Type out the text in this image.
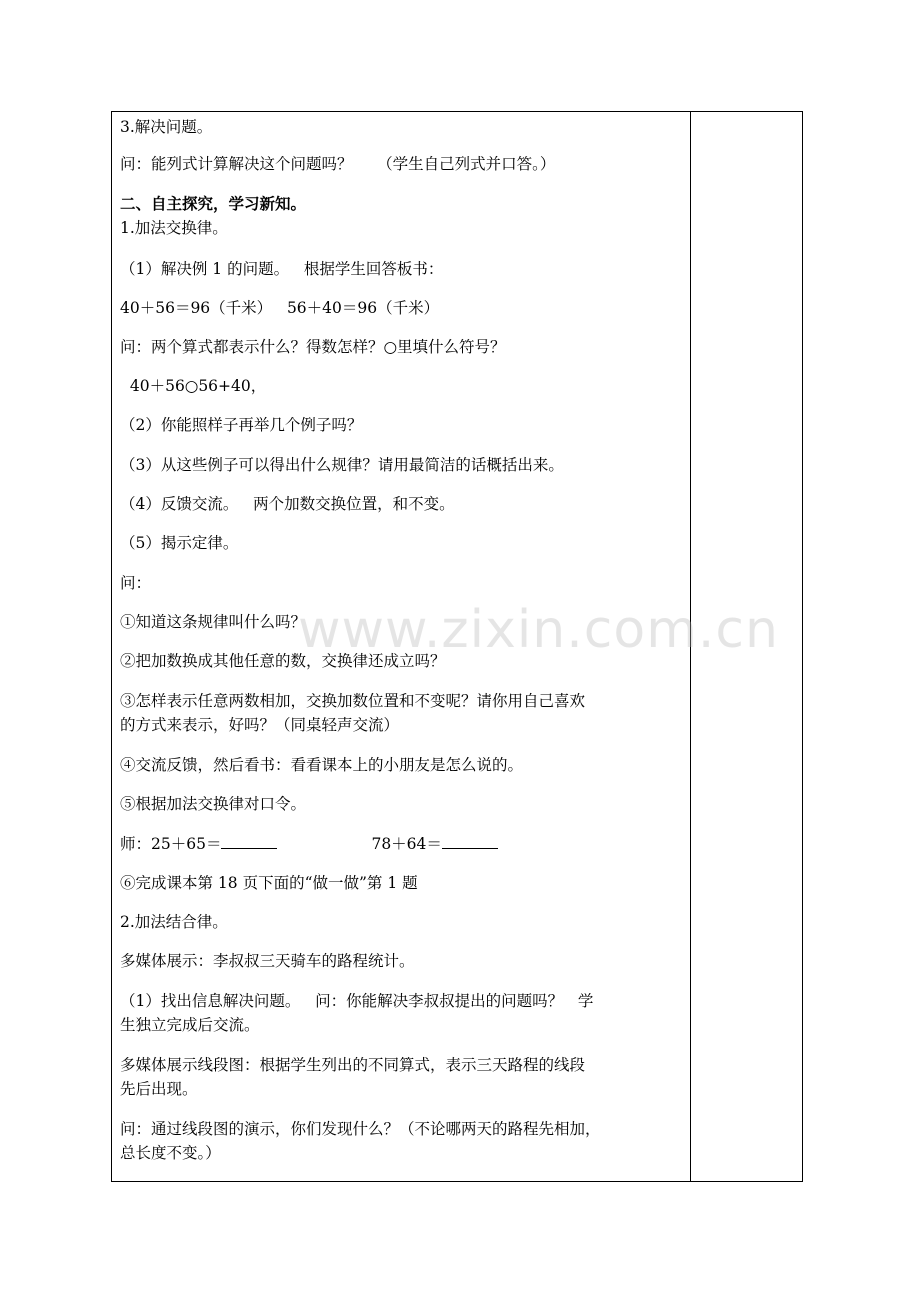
3.解决问题。
问：能列式计算解决这个问题吗？     （学生自己列式并口答。）
二、自主探究，学习新知。
1.加法交换律。
（1）解决例 1 的问题。   根据学生回答板书：
40＋56＝96（千米）   56＋40＝96（千米）
问：两个算式都表示什么？得数怎样？○里填什么符号？
40＋56○56+40，
（2）你能照样子再举几个例子吗？
（3）从这些例子可以得出什么规律？请用最简洁的话概括出来。
（4）反馈交流。   两个加数交换位置，和不变。
（5）揭示定律。
问：
①知道这条规律叫什么吗？
②把加数换成其他任意的数，交换律还成立吗？
③怎样表示任意两数相加，交换加数位置和不变呢？请你用自己喜欢
的方式来表示，好吗？（同桌轻声交流）
④交流反馈，然后看书：看看课本上的小朋友是怎么说的。
⑤根据加法交换律对口令。
师：25＋65＝	78＋64＝
⑥完成课本第 18 页下面的“做一做”第 1 题
2.加法结合律。
多媒体展示：李叔叔三天骑车的路程统计。
（1）找出信息解决问题。   问：你能解决李叔叔提出的问题吗？   学
生独立完成后交流。
多媒体展示线段图：根据学生列出的不同算式，表示三天路程的线段
先后出现。
问：通过线段图的演示，你们发现什么？（不论哪两天的路程先相加，
总长度不变。）
www.zixin.com.cn
